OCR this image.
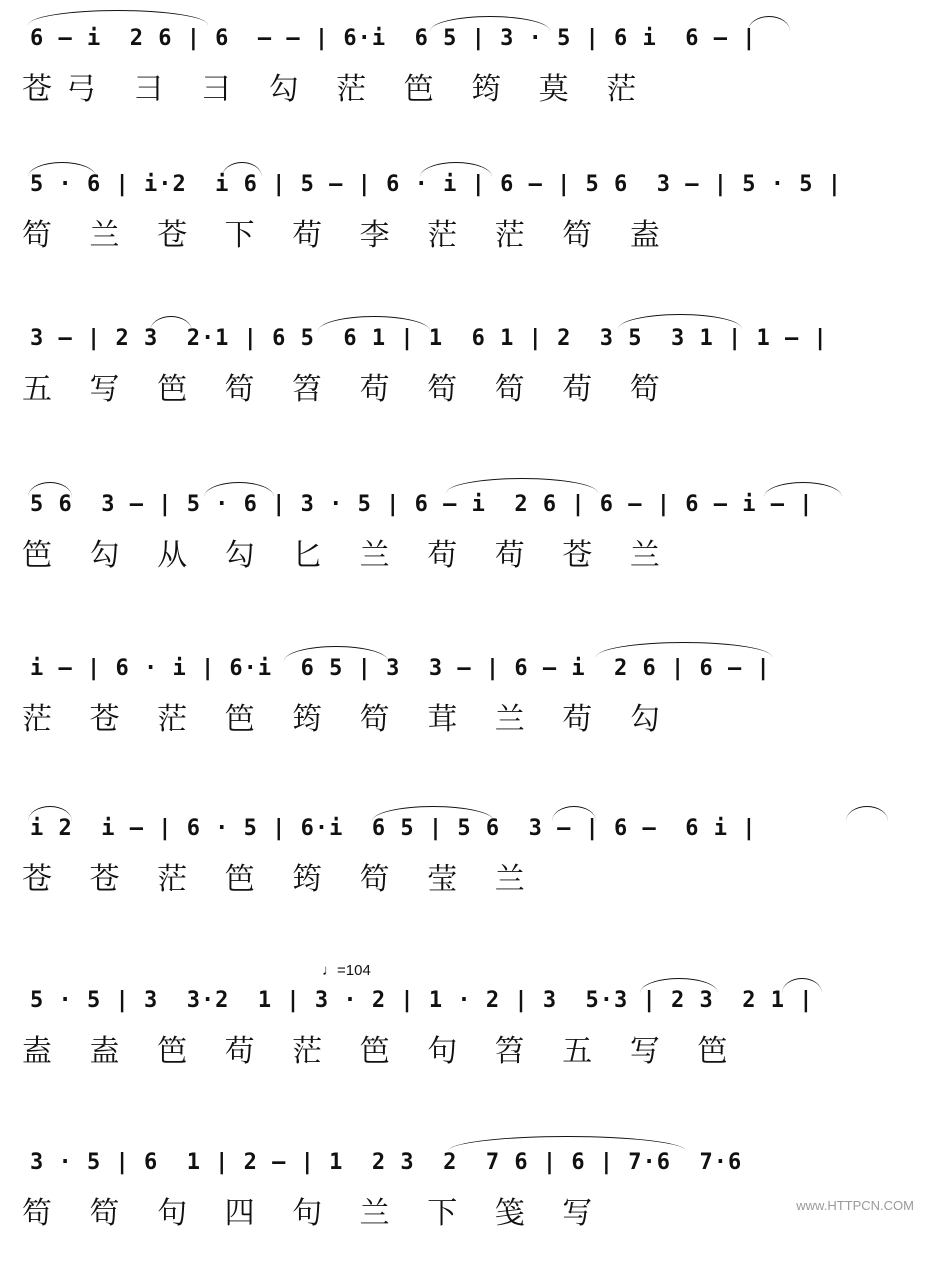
6 — i  2 6 | 6  — — | 6·i  6 5 | 3 · 5 | 6 i  6 — |
苍弓 彐 彐 勾 茫 笆 筠 莫 茫
5 · 6 | i·2  i 6 | 5 — | 6 · i | 6 — | 5 6  3 — | 5 · 5 |
笱 兰 苍 下 苟 李 茫 茫 笱 盍
3 — | 2 3  2·1 | 6 5  6 1 | 1  6 1 | 2  3 5  3 1 | 1 — |
五 写 笆 笱 笤 苟 笱 笱 苟 笱
5 6  3 — | 5 · 6 | 3 · 5 | 6 — i  2 6 | 6 — | 6 — i — |
笆 勾 从 勾 匕 兰 苟 苟 苍 兰
i — | 6 · i | 6·i  6 5 | 3  3 — | 6 — i  2 6 | 6 — |
茫 苍 茫 笆 筠 笱 茸 兰 苟 勾
i 2  i — | 6 · 5 | 6·i  6 5 | 5 6  3 — | 6 —  6 i |
苍 苍 茫 笆 筠 笱 莹 兰
♩=104
5 · 5 | 3  3·2  1 | 3 · 2 | 1 · 2 | 3  5·3 | 2 3  2 1 |
盍 盍 笆 苟 茫 笆 句 笤 五 写 笆
3 · 5 | 6  1 | 2 — | 1  2 3  2  7 6 | 6 | 7·6  7·6
笱 笱 句 四 句 兰 下 笺 写	www.HTTPCN.COM
